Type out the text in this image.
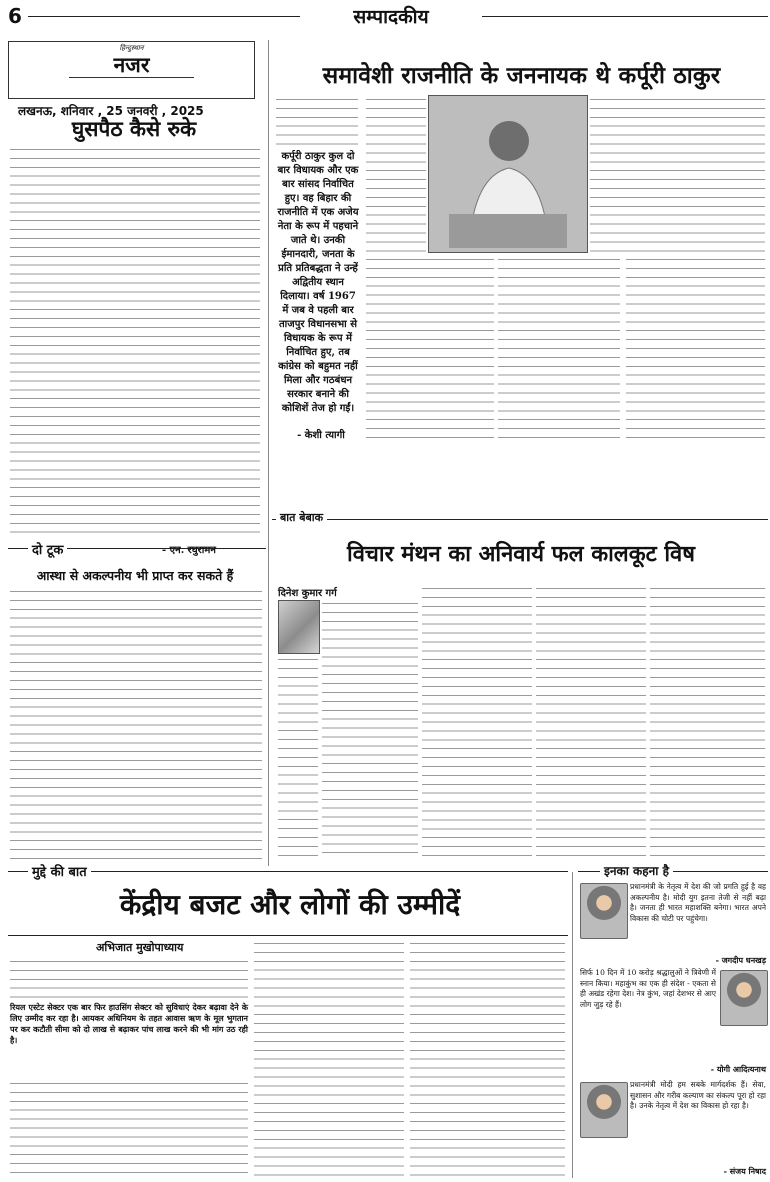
6	सम्पादकीय
हिन्दुस्थान
नजर
लखनऊ, शनिवार , 25 जनवरी , 2025
समावेशी राजनीति के जननायक थे कर्पूरी ठाकुर
घुसपैठ कैसे रुके
कर्पूरी ठाकुर कुल दो बार विधायक और एक बार सांसद निर्वाचित हुए। वह बिहार की राजनीति में एक अजेय नेता के रूप में पहचाने जाते थे। उनकी ईमानदारी, जनता के प्रति प्रतिबद्धता ने उन्हें अद्वितीय स्थान दिलाया। वर्ष 1967 में जब वे पहली बार ताजपुर विधानसभा से विधायक के रूप में निर्वाचित हुए, तब कांग्रेस को बहुमत नहीं मिला और गठबंधन सरकार बनाने की कोशिशें तेज हो गईं।
- केशी त्यागी
बात बेबाक
विचार मंथन का अनिवार्य फल कालकूट विष
दिनेश कुमार गर्ग
दो टूक	- एन. रघुरामन
आस्था से अकल्पनीय भी प्राप्त कर सकते हैं
मुद्दे की बात
केंद्रीय बजट और लोगों की उम्मीदें
अभिजात मुखोपाध्याय
रियल एस्टेट सेक्टर एक बार फिर हाउसिंग सेक्टर को सुविधाएं देकर बढ़ावा देने के लिए उम्मीद कर रहा है। आयकर अधिनियम के तहत आवास ऋण के मूल भुगतान पर कर कटौती सीमा को दो लाख से बढ़ाकर पांच लाख करने की भी मांग उठ रही है।
इनका कहना है
प्रधानमंत्री के नेतृत्व में देश की जो प्रगति हुई है वह अकल्पनीय है। मोदी युग इतना तेजी से नहीं बढ़ा है। जनता ही भारत महाशक्ति बनेगा। भारत अपने विकास की चोटी पर पहुंचेगा।
- जगदीप धनखड़
सिर्फ 10 दिन में 10 करोड़ श्रद्धालुओं ने त्रिवेणी में स्नान किया। महाकुंभ का एक ही संदेश - एकता से ही अखंड रहेगा देश। नेत्र कुंभ, जहां देशभर से आए लोग जुड़ रहे हैं।
- योगी आदित्यनाथ
प्रधानमंत्री मोदी हम सबके मार्गदर्शक हैं। सेवा, सुशासन और गरीब कल्याण का संकल्प पूरा हो रहा है। उनके नेतृत्व में देश का विकास हो रहा है।
- संजय निषाद
